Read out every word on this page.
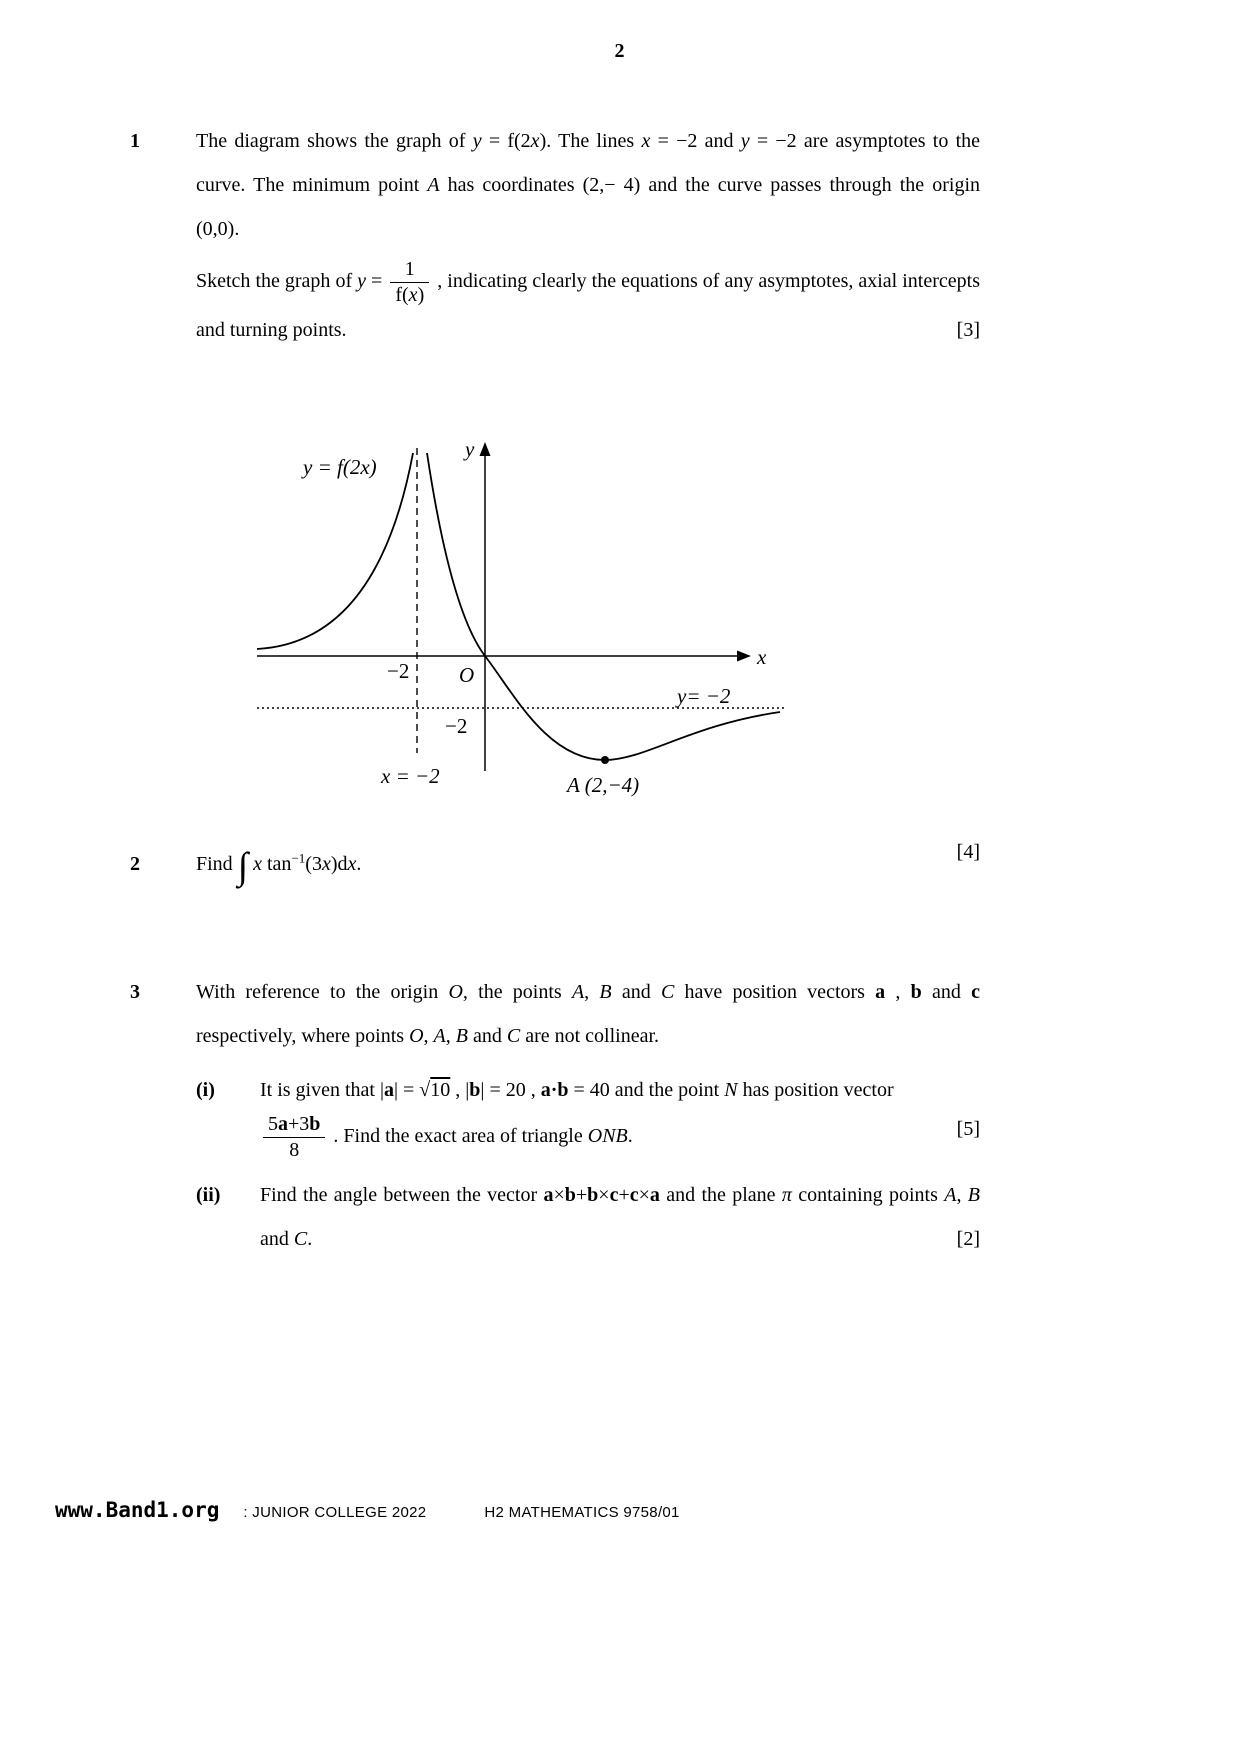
2
1	The diagram shows the graph of y = f(2x). The lines x = −2 and y = −2 are asymptotes to the curve. The minimum point A has coordinates (2,− 4) and the curve passes through the origin (0,0).

Sketch the graph of $y = \frac{1}{f(x)}$ , indicating clearly the equations of any asymptotes, axial intercepts and turning points.	[3]

y = f(2x)
y
x
O
−2
−2
y= −2
x = −2	A (2,−4)
2	Find ∫ x $\tan^{-1}(3x)dx$.
[4]

3	With reference to the origin O, the points A, B and C have position vectors a , b and c respectively, where points O, A, B and C are not collinear.

(i)	It is given that |a| = √10 , |b| = 20 , a·b = 40 and the point N has position vector

$\frac{5a+3b}{8}$ . Find the exact area of triangle ONB.	[5]
(ii)	Find the angle between the vector a×b+b×c+c×a and the plane π containing points A, B and C.	[2]
www.Band1.org : JUNIOR COLLEGE 2022	H2 MATHEMATICS 9758/01
